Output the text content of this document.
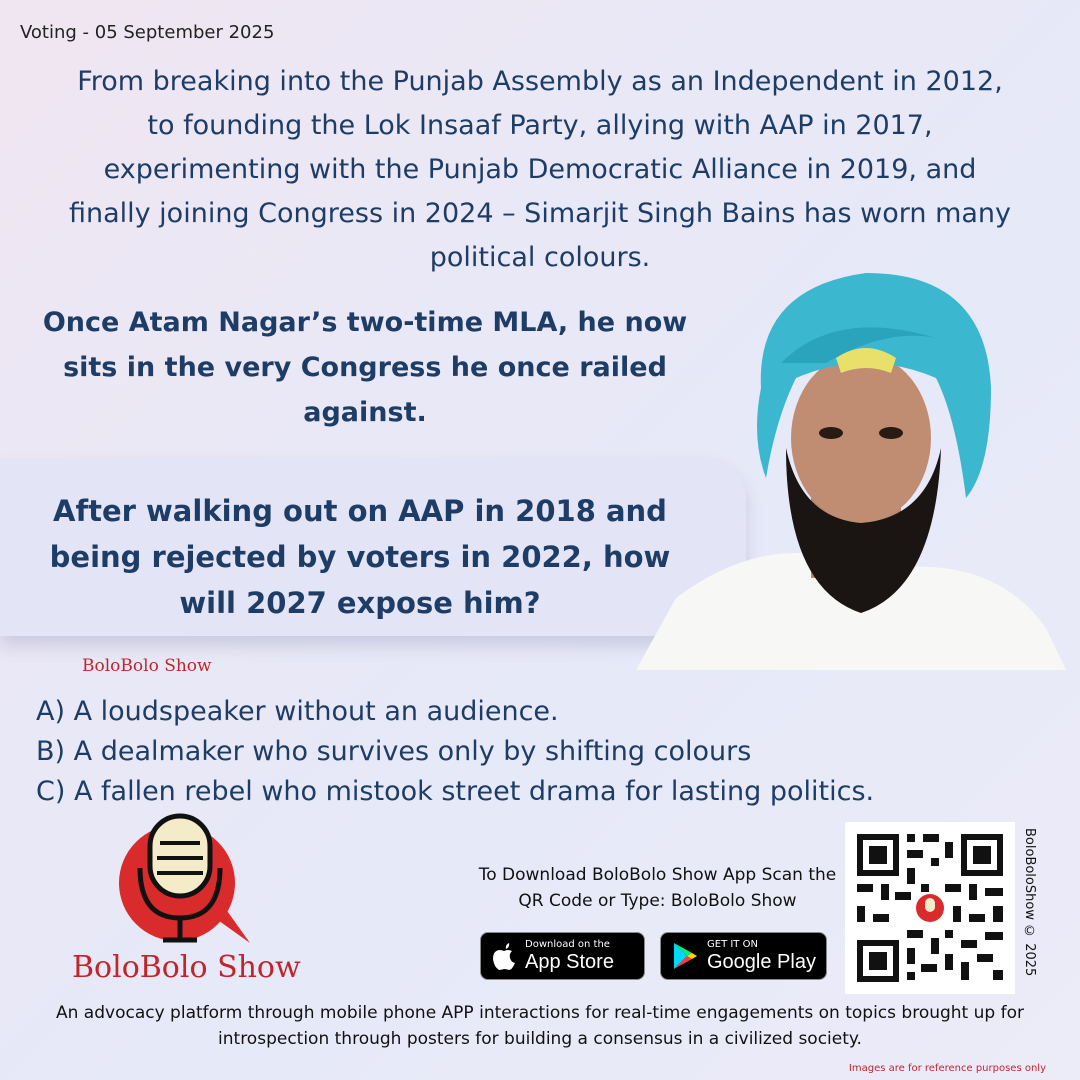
Voting - 05 September 2025
From breaking into the Punjab Assembly as an Independent in 2012, to founding the Lok Insaaf Party, allying with AAP in 2017, experimenting with the Punjab Democratic Alliance in 2019, and finally joining Congress in 2024 – Simarjit Singh Bains has worn many political colours.
Once Atam Nagar’s two-time MLA, he now sits in the very Congress he once railed against.
After walking out on AAP in 2018 and being rejected by voters in 2022, how will 2027 expose him?
BoloBolo Show
A) A loudspeaker without an audience.
B) A dealmaker who survives only by shifting colours
C) A fallen rebel who mistook street drama for lasting politics.
BoloBolo Show
To Download BoloBolo Show App Scan the QR Code or Type: BoloBolo Show
Download on the
App Store
GET IT ON
Google Play	BoloBoloShow © 2025
An advocacy platform through mobile phone APP interactions for real-time engagements on topics brought up for introspection through posters for building a consensus in a civilized society.
Images are for reference purposes only
